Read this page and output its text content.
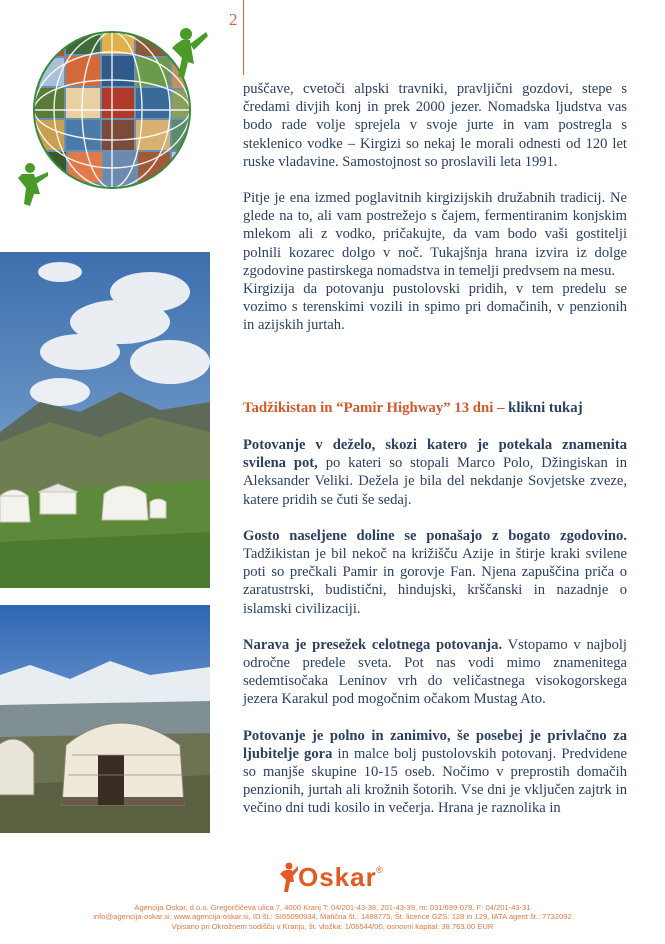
2

puščave, cvetoči alpski travniki, pravljični gozdovi, stepe s čredami divjih konj in prek 2000 jezer. Nomadska ljudstva vas bodo rade volje sprejela v svoje jurte in vam postregla s steklenico vodke – Kirgizi so nekaj le morali odnesti od 120 let ruske vladavine. Samostojnost so proslavili leta 1991.

Pitje je ena izmed poglavitnih kirgizijskih družabnih tradicij. Ne glede na to, ali vam postrežejo s čajem, fermentiranim konjskim mlekom ali z vodko, pričakujte, da vam bodo vaši gostitelji polnili kozarec dolgo v noč. Tukajšnja hrana izvira iz dolge zgodovine pastirskega nomadstva in temelji predvsem na mesu.

Kirgizija da potovanju pustolovski pridih, v tem predelu se vozimo s terenskimi vozili in spimo pri domačinih, v penzionih in azijskih jurtah.

Tadžikistan in “Pamir Highway” 13 dni – klikni tukaj

Potovanje v deželo, skozi katero je potekala znamenita svilena pot, po kateri so stopali Marco Polo, Džingiskan in Aleksander Veliki. Dežela je bila del nekdanje Sovjetske zveze, katere pridih se čuti še sedaj.

Gosto naseljene doline se ponašajo z bogato zgodovino. Tadžikistan je bil nekoč na križišču Azije in štirje kraki svilene poti so prečkali Pamir in gorovje Fan. Njena zapuščina priča o zaratustrski, budistični, hindujski, krščanski in nazadnje o islamski civilizaciji.

Narava je presežek celotnega potovanja. Vstopamo v najbolj odročne predele sveta. Pot nas vodi mimo znamenitega sedemtisočaka Leninov vrh do veličastnega visokogorskega jezera Karakul pod mogočnim očakom Mustag Ato.

Potovanje je polno in zanimivo, še posebej je privlačno za ljubitelje gora in malce bolj pustolovskih potovanj. Predvidene so manjše skupine 10-15 oseb. Nočimo v preprostih domačih penzionih, jurtah ali krožnih šotorih. Vse dni je vključen zajtrk in večino dni tudi kosilo in večerja. Hrana je raznolika in

Oskar ®
Agencija Oskar, d.o.o. Gregorčičeva ulica 7, 4000 Kranj T: 04/201-43-38, 201-43-39, m: 031/699-078, F: 04/201-43-31
info@agencija-oskar.si, www.agencija-oskar.si, ID št.: SI65090934, Matična št.: 1488775, Št. licence GZS: 128 in 129, IATA agent št.: 7732092
Vpisano pri Okrožnem sodišču v Kranju, št. vložka: 1/06544/00, osnovni kapital: 38.763,00 EUR
